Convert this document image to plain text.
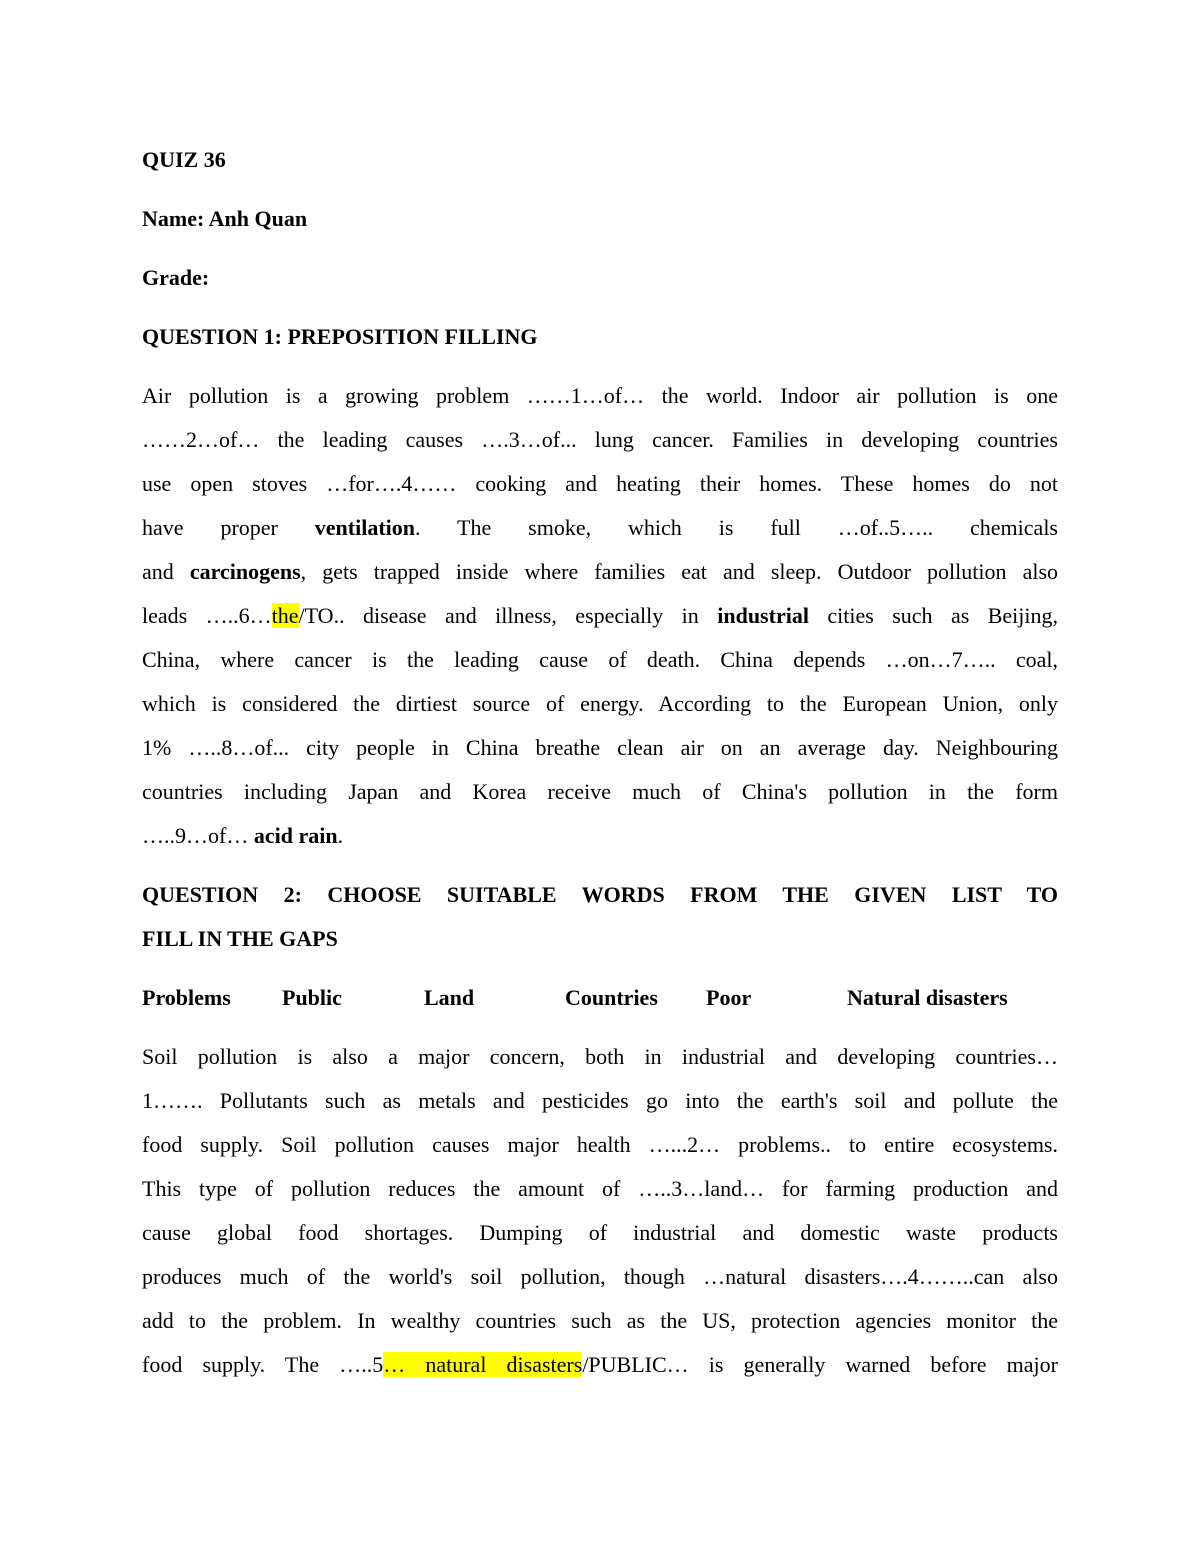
QUIZ 36
Name: Anh Quan
Grade:
QUESTION 1: PREPOSITION FILLING
Air pollution is a growing problem ……1…of… the world. Indoor air pollution is one
……2…of… the leading causes ….3…of... lung cancer. Families in developing countries
use open stoves …for….4…… cooking and heating their homes. These homes do not
have proper ventilation. The smoke, which is full …of..5….. chemicals
and carcinogens, gets trapped inside where families eat and sleep. Outdoor pollution also
leads …..6…the/TO.. disease and illness, especially in industrial cities such as Beijing,
China, where cancer is the leading cause of death. China depends …on…7….. coal,
which is considered the dirtiest source of energy. According to the European Union, only
1% …..8…of... city people in China breathe clean air on an average day. Neighbouring
countries including Japan and Korea receive much of China's pollution in the form
…..9…of… acid rain.
QUESTION 2: CHOOSE SUITABLE WORDS FROM THE GIVEN LIST TO
FILL IN THE GAPS
Problems Public	Land	Countries Poor	Natural disasters
Soil pollution is also a major concern, both in industrial and developing countries…
1……. Pollutants such as metals and pesticides go into the earth's soil and pollute the
food supply. Soil pollution causes major health …...2… problems.. to entire ecosystems.
This type of pollution reduces the amount of …..3…land… for farming production and
cause global food shortages. Dumping of industrial and domestic waste products
produces much of the world's soil pollution, though …natural disasters….4……..can also
add to the problem. In wealthy countries such as the US, protection agencies monitor the
food supply. The …..5… natural disasters/PUBLIC… is generally warned before major
